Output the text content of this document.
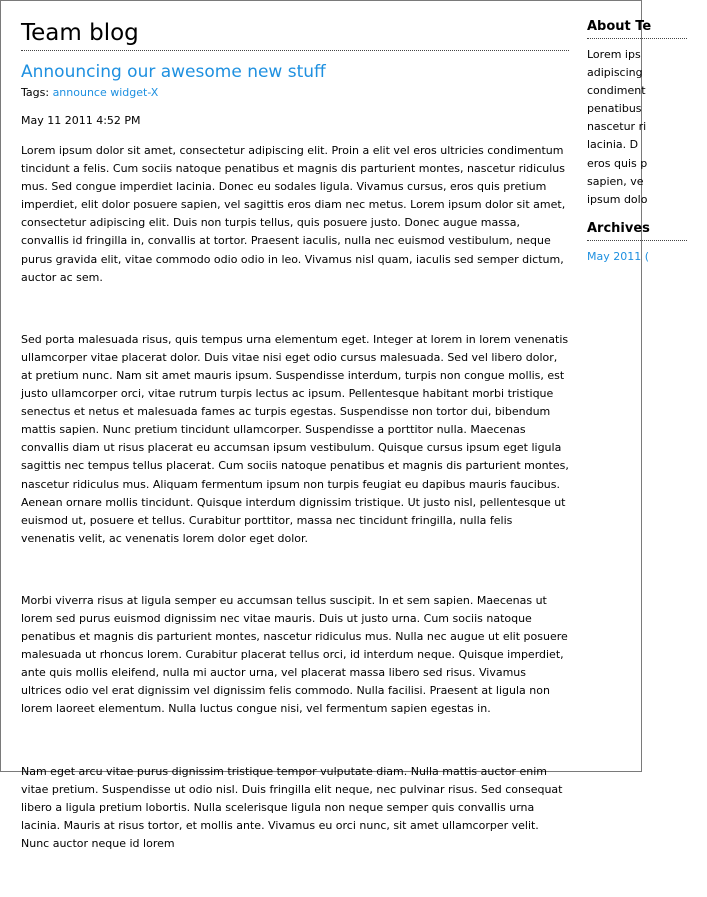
Team blog
Announcing our awesome new stuff
Tags: announce widget-X
May 11 2011 4:52 PM

Lorem ipsum dolor sit amet, consectetur adipiscing elit. Proin a elit vel eros ultricies condimentum tincidunt a felis. Cum sociis natoque penatibus et magnis dis parturient montes, nascetur ridiculus mus. Sed congue imperdiet lacinia. Donec eu sodales ligula. Vivamus cursus, eros quis pretium imperdiet, elit dolor posuere sapien, vel sagittis eros diam nec metus. Lorem ipsum dolor sit amet, consectetur adipiscing elit. Duis non turpis tellus, quis posuere justo. Donec augue massa, convallis id fringilla in, convallis at tortor. Praesent iaculis, nulla nec euismod vestibulum, neque purus gravida elit, vitae commodo odio odio in leo. Vivamus nisl quam, iaculis sed semper dictum, auctor ac sem.

Sed porta malesuada risus, quis tempus urna elementum eget. Integer at lorem in lorem venenatis ullamcorper vitae placerat dolor. Duis vitae nisi eget odio cursus malesuada. Sed vel libero dolor, at pretium nunc. Nam sit amet mauris ipsum. Suspendisse interdum, turpis non congue mollis, est justo ullamcorper orci, vitae rutrum turpis lectus ac ipsum. Pellentesque habitant morbi tristique senectus et netus et malesuada fames ac turpis egestas. Suspendisse non tortor dui, bibendum mattis sapien. Nunc pretium tincidunt ullamcorper. Suspendisse a porttitor nulla. Maecenas convallis diam ut risus placerat eu accumsan ipsum vestibulum. Quisque cursus ipsum eget ligula sagittis nec tempus tellus placerat. Cum sociis natoque penatibus et magnis dis parturient montes, nascetur ridiculus mus. Aliquam fermentum ipsum non turpis feugiat eu dapibus mauris faucibus. Aenean ornare mollis tincidunt. Quisque interdum dignissim tristique. Ut justo nisl, pellentesque ut euismod ut, posuere et tellus. Curabitur porttitor, massa nec tincidunt fringilla, nulla felis venenatis velit, ac venenatis lorem dolor eget dolor.

Morbi viverra risus at ligula semper eu accumsan tellus suscipit. In et sem sapien. Maecenas ut lorem sed purus euismod dignissim nec vitae mauris. Duis ut justo urna. Cum sociis natoque penatibus et magnis dis parturient montes, nascetur ridiculus mus. Nulla nec augue ut elit posuere malesuada ut rhoncus lorem. Curabitur placerat tellus orci, id interdum neque. Quisque imperdiet, ante quis mollis eleifend, nulla mi auctor urna, vel placerat massa libero sed risus. Vivamus ultrices odio vel erat dignissim vel dignissim felis commodo. Nulla facilisi. Praesent at ligula non lorem laoreet elementum. Nulla luctus congue nisi, vel fermentum sapien egestas in.

Nam eget arcu vitae purus dignissim tristique tempor vulputate diam. Nulla mattis auctor enim vitae pretium. Suspendisse ut odio nisl. Duis fringilla elit neque, nec pulvinar risus. Sed consequat libero a ligula pretium lobortis. Nulla scelerisque ligula non neque semper quis convallis urna lacinia. Mauris at risus tortor, et mollis ante. Vivamus eu orci nunc, sit amet ullamcorper velit. Nunc auctor neque id lorem

About Te
Lorem ips
adipiscing
condiment
penatibus
nascetur ri
lacinia. D
eros quis p
sapien, ve
ipsum dolo
Archives
May 2011 (
